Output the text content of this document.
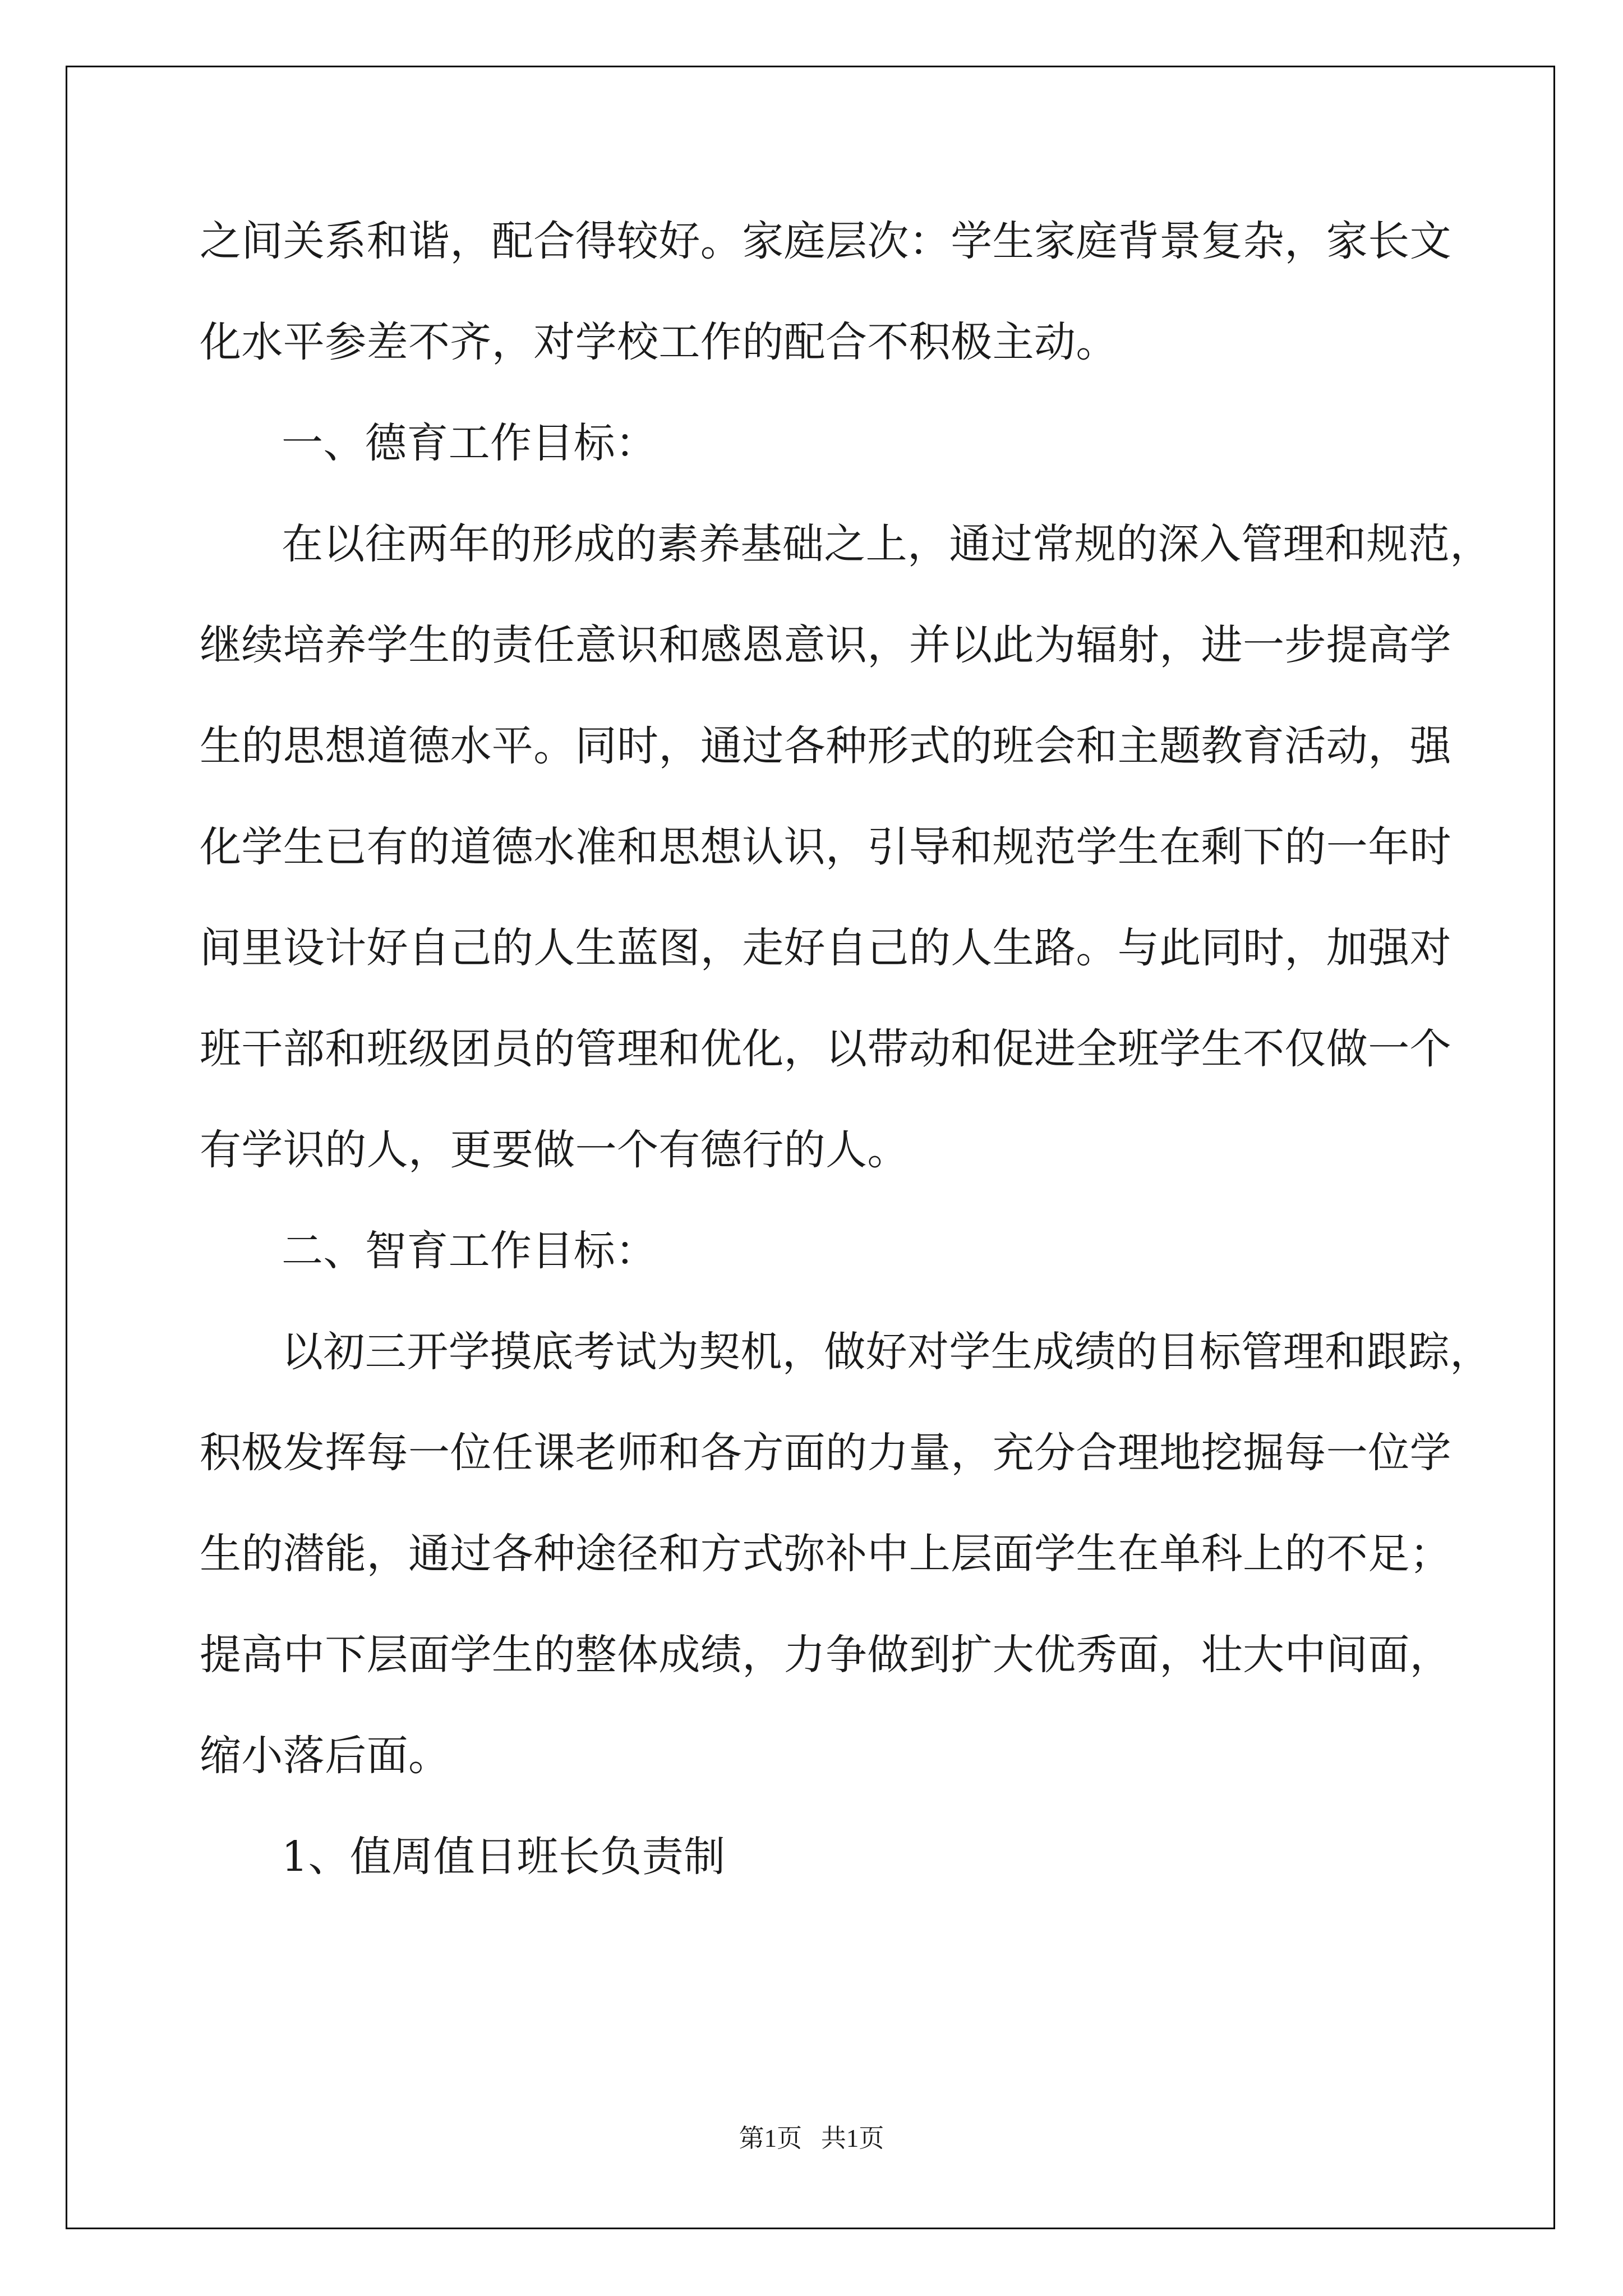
之间关系和谐，配合得较好。家庭层次：学生家庭背景复杂，家长文
化水平参差不齐，对学校工作的配合不积极主动。
一、德育工作目标：
在以往两年的形成的素养基础之上，通过常规的深入管理和规范，
继续培养学生的责任意识和感恩意识，并以此为辐射，进一步提高学
生的思想道德水平。同时，通过各种形式的班会和主题教育活动，强
化学生已有的道德水准和思想认识，引导和规范学生在剩下的一年时
间里设计好自己的人生蓝图，走好自己的人生路。与此同时，加强对
班干部和班级团员的管理和优化，以带动和促进全班学生不仅做一个
有学识的人，更要做一个有德行的人。
二、智育工作目标：
以初三开学摸底考试为契机，做好对学生成绩的目标管理和跟踪，
积极发挥每一位任课老师和各方面的力量，充分合理地挖掘每一位学
生的潜能，通过各种途径和方式弥补中上层面学生在单科上的不足；
提高中下层面学生的整体成绩，力争做到扩大优秀面，壮大中间面，
缩小落后面。
1、值周值日班长负责制
第1页   共1页
